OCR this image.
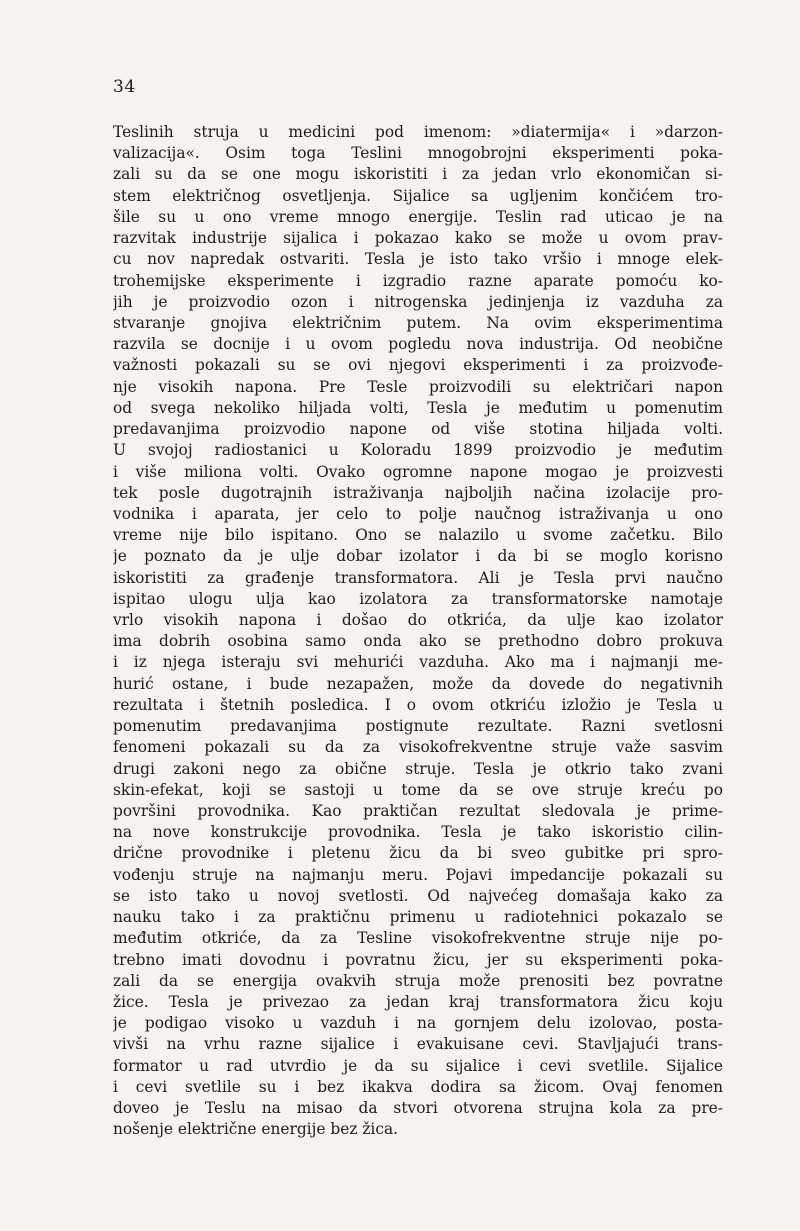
34
Teslinih struja u medicini pod imenom: »diatermija« i »darzon-
valizacija«. Osim toga Teslini mnogobrojni eksperimenti poka-
zali su da se one mogu iskoristiti i za jedan vrlo ekonomičan si-
stem električnog osvetljenja. Sijalice sa ugljenim končićem tro-
šile su u ono vreme mnogo energije. Teslin rad uticao je na
razvitak industrije sijalica i pokazao kako se može u ovom prav-
cu nov napredak ostvariti. Tesla je isto tako vršio i mnoge elek-
trohemijske eksperimente i izgradio razne aparate pomoću ko-
jih je proizvodio ozon i nitrogenska jedinjenja iz vazduha za
stvaranje gnojiva električnim putem. Na ovim eksperimentima
razvila se docnije i u ovom pogledu nova industrija. Od neobične
važnosti pokazali su se ovi njegovi eksperimenti i za proizvođe-
nje visokih napona. Pre Tesle proizvodili su električari napon
od svega nekoliko hiljada volti, Tesla je međutim u pomenutim
predavanjima proizvodio napone od više stotina hiljada volti.
U svojoj radiostanici u Koloradu 1899 proizvodio je međutim
i više miliona volti. Ovako ogromne napone mogao je proizvesti
tek posle dugotrajnih istraživanja najboljih načina izolacije pro-
vodnika i aparata, jer celo to polje naučnog istraživanja u ono
vreme nije bilo ispitano. Ono se nalazilo u svome začetku. Bilo
je poznato da je ulje dobar izolator i da bi se moglo korisno
iskoristiti za građenje transformatora. Ali je Tesla prvi naučno
ispitao ulogu ulja kao izolatora za transformatorske namotaje
vrlo visokih napona i došao do otkrića, da ulje kao izolator
ima dobrih osobina samo onda ako se prethodno dobro prokuva
i iz njega isteraju svi mehurići vazduha. Ako ma i najmanji me-
hurić ostane, i bude nezapažen, može da dovede do negativnih
rezultata i štetnih posledica. I o ovom otkriću izložio je Tesla u
pomenutim predavanjima postignute rezultate. Razni svetlosni
fenomeni pokazali su da za visokofrekventne struje važe sasvim
drugi zakoni nego za obične struje. Tesla je otkrio tako zvani
skin-efekat, koji se sastoji u tome da se ove struje kreću po
površini provodnika. Kao praktičan rezultat sledovala je prime-
na nove konstrukcije provodnika. Tesla je tako iskoristio cilin-
drične provodnike i pletenu žicu da bi sveo gubitke pri spro-
vođenju struje na najmanju meru. Pojavi impedancije pokazali su
se isto tako u novoj svetlosti. Od najvećeg domašaja kako za
nauku tako i za praktičnu primenu u radiotehnici pokazalo se
međutim otkriće, da za Tesline visokofrekventne struje nije po-
trebno imati dovodnu i povratnu žicu, jer su eksperimenti poka-
zali da se energija ovakvih struja može prenositi bez povratne
žice. Tesla je privezao za jedan kraj transformatora žicu koju
je podigao visoko u vazduh i na gornjem delu izolovao, posta-
vivši na vrhu razne sijalice i evakuisane cevi. Stavljajući trans-
formator u rad utvrdio je da su sijalice i cevi svetlile. Sijalice
i cevi svetlile su i bez ikakva dodira sa žicom. Ovaj fenomen
doveo je Teslu na misao da stvori otvorena strujna kola za pre-
nošenje električne energije bez žica.
